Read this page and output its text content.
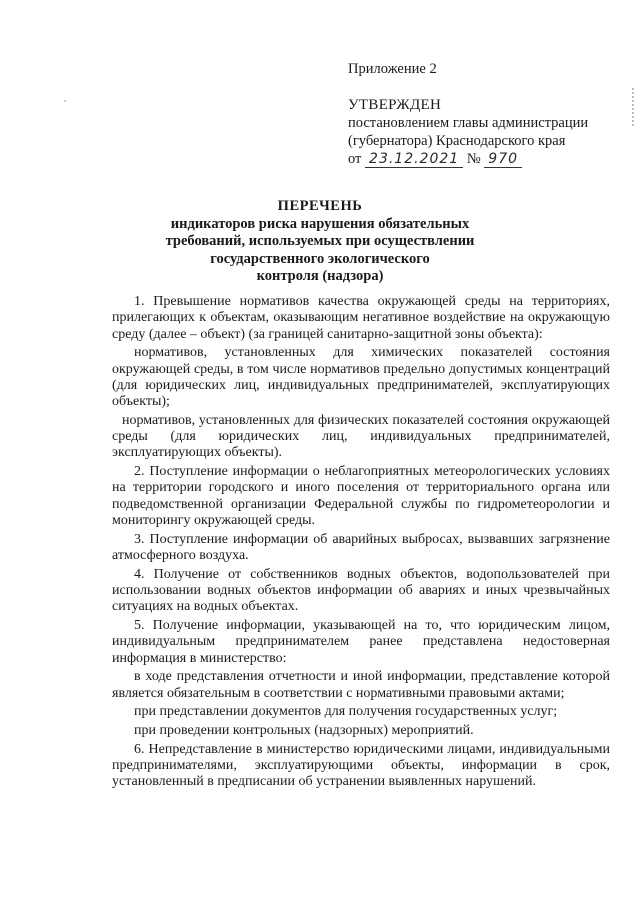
Приложение 2
УТВЕРЖДЕН
постановлением главы администрации
(губернатора) Краснодарского края
от 23.12.2021 № 970
ПЕРЕЧЕНЬ
индикаторов риска нарушения обязательных
требований, используемых при осуществлении
государственного экологического
контроля (надзора)

1. Превышение нормативов качества окружающей среды на территориях, прилегающих к объектам, оказывающим негативное воздействие на окружающую среду (далее – объект) (за границей санитарно-защитной зоны объекта):

нормативов, установленных для химических показателей состояния окружающей среды, в том числе нормативов предельно допустимых концентраций (для юридических лиц, индивидуальных предпринимателей, эксплуатирующих объекты);

нормативов, установленных для физических показателей состояния окружающей среды (для юридических лиц, индивидуальных предпринимателей, эксплуатирующих объекты).

2. Поступление информации о неблагоприятных метеорологических условиях на территории городского и иного поселения от территориального органа или подведомственной организации Федеральной службы по гидрометеорологии и мониторингу окружающей среды.

3. Поступление информации об аварийных выбросах, вызвавших загрязнение атмосферного воздуха.

4. Получение от собственников водных объектов, водопользователей при использовании водных объектов информации об авариях и иных чрезвычайных ситуациях на водных объектах.

5. Получение информации, указывающей на то, что юридическим лицом, индивидуальным предпринимателем ранее представлена недостоверная информация в министерство:

в ходе представления отчетности и иной информации, представление которой является обязательным в соответствии с нормативными правовыми актами;

при представлении документов для получения государственных услуг;

при проведении контрольных (надзорных) мероприятий.

6. Непредставление в министерство юридическими лицами, индивидуальными предпринимателями, эксплуатирующими объекты, информации в срок, установленный в предписании об устранении выявленных нарушений.
